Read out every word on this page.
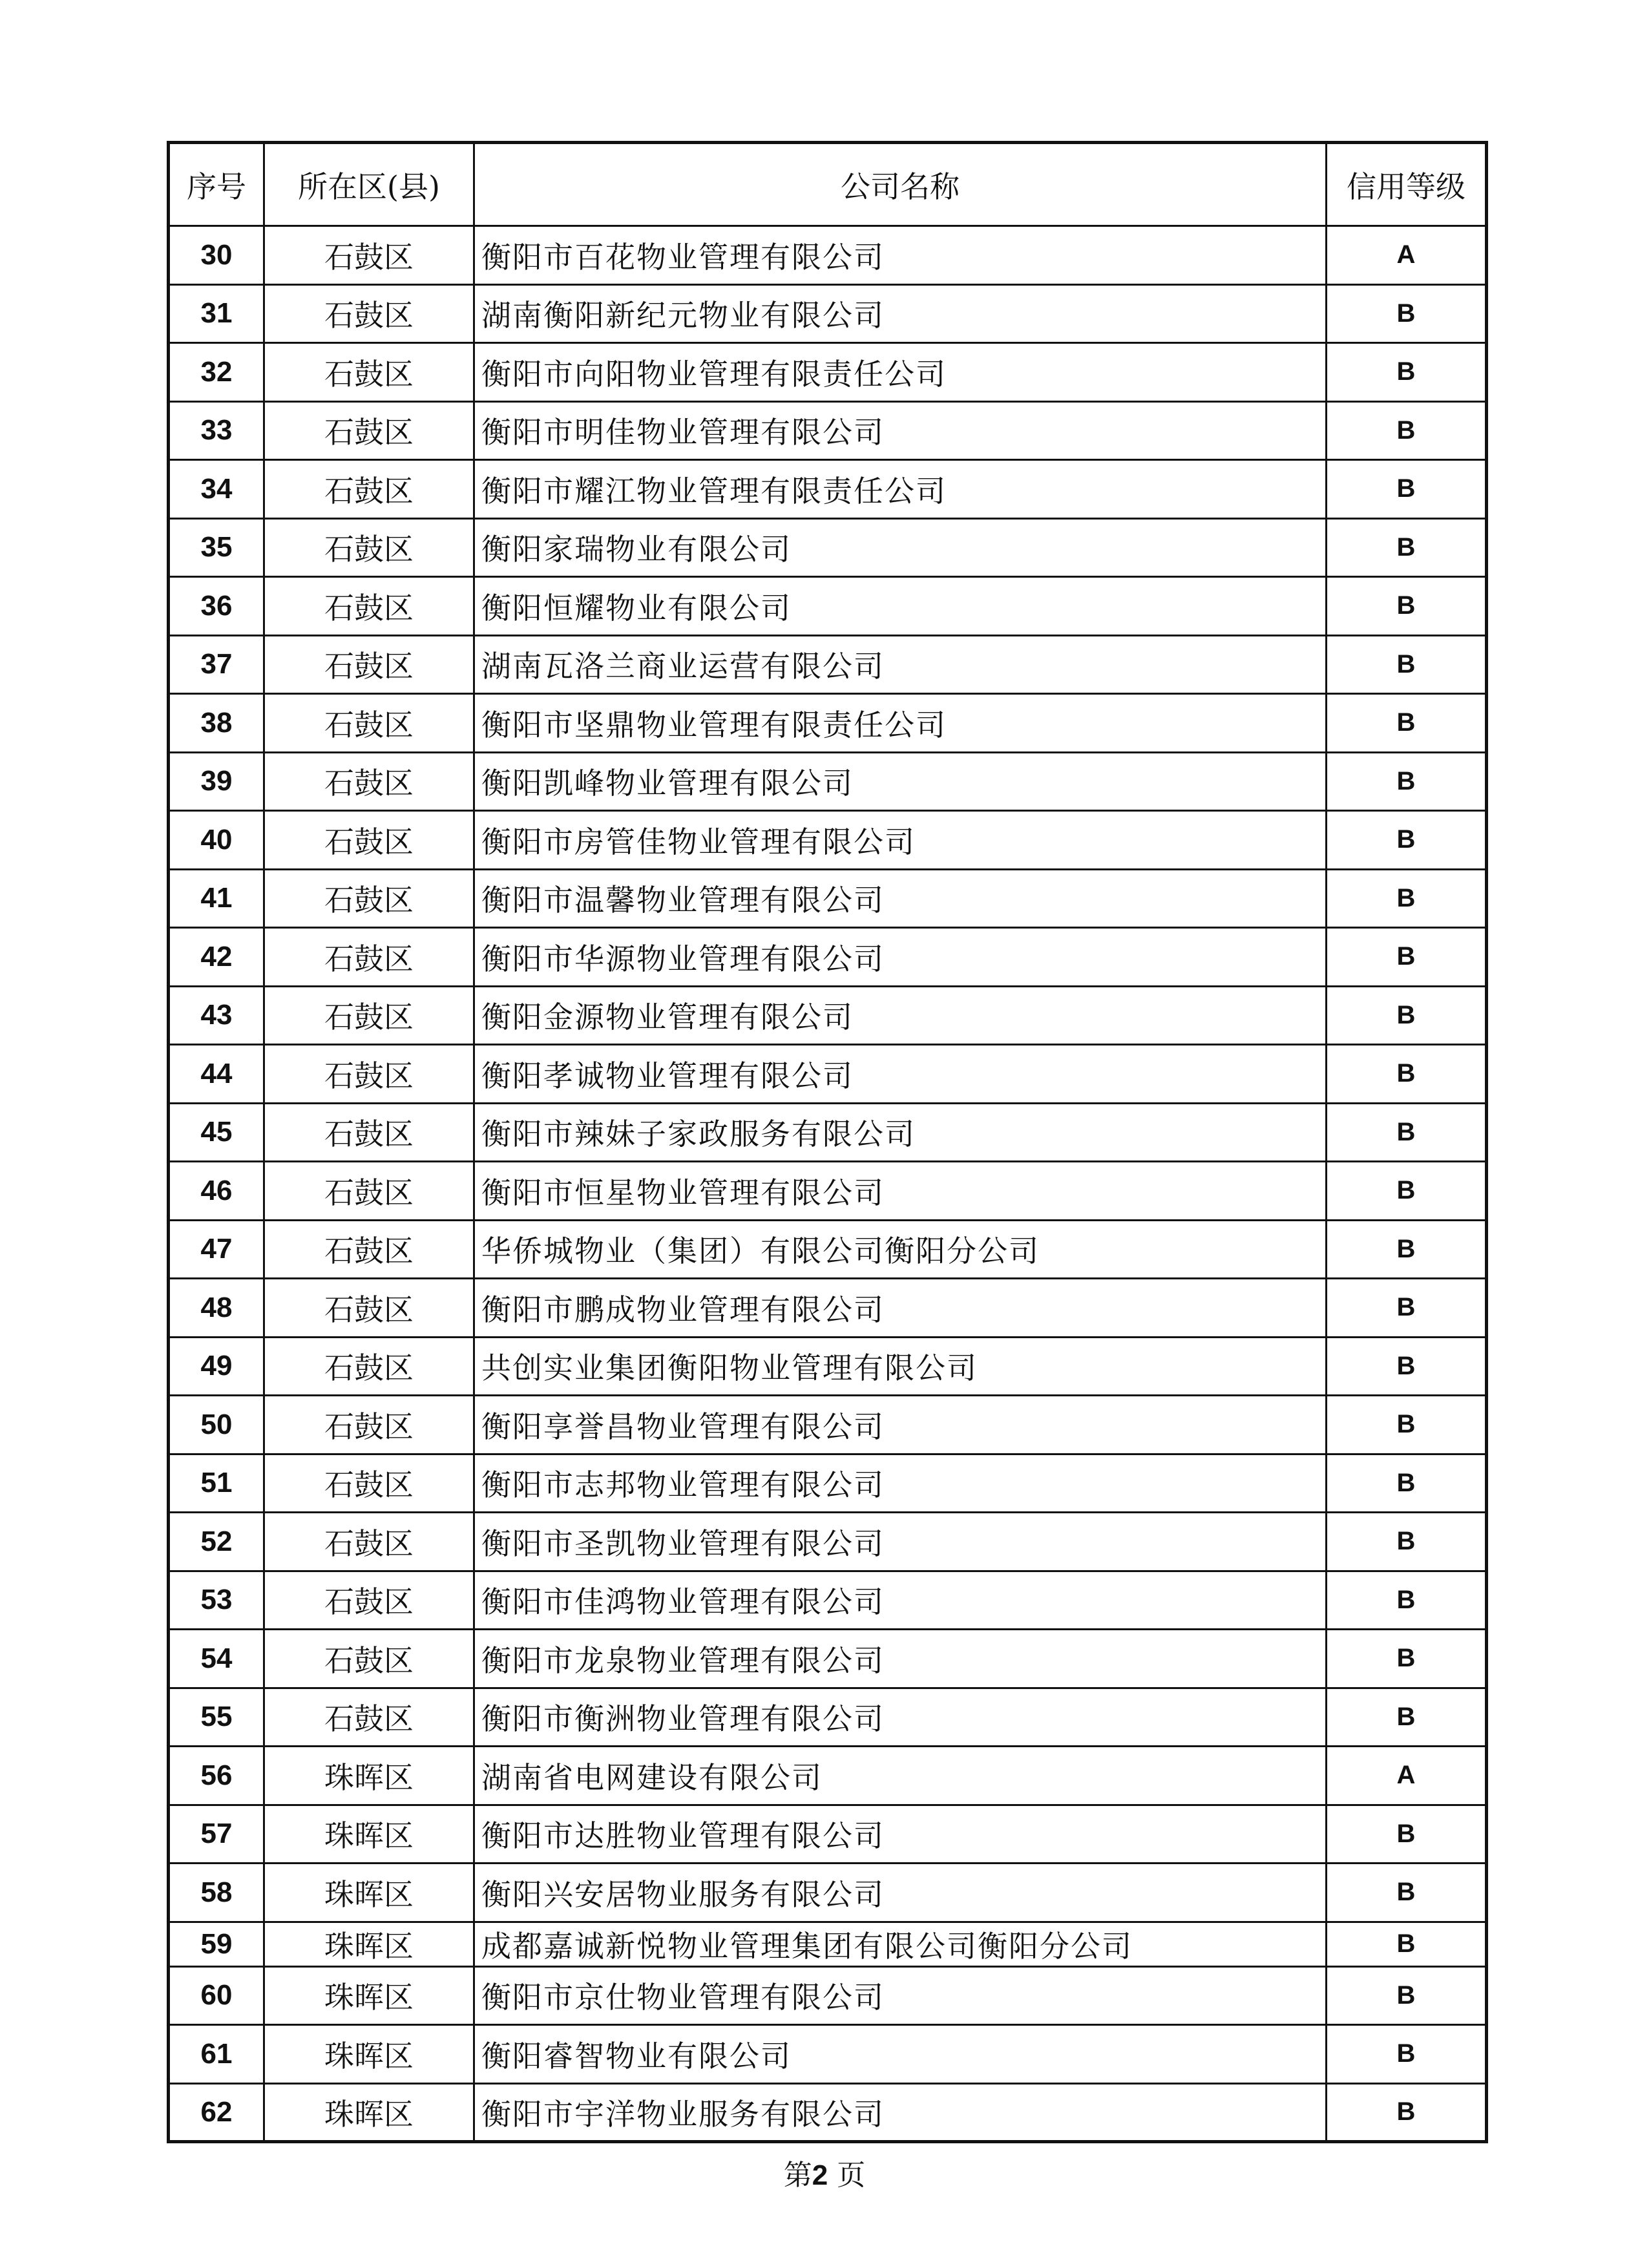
序号	所在区(县)	公司名称	信用等级
30	石鼓区	衡阳市百花物业管理有限公司	A
31	石鼓区	湖南衡阳新纪元物业有限公司	B
32	石鼓区	衡阳市向阳物业管理有限责任公司	B
33	石鼓区	衡阳市明佳物业管理有限公司	B
34	石鼓区	衡阳市耀江物业管理有限责任公司	B
35	石鼓区	衡阳家瑞物业有限公司	B
36	石鼓区	衡阳恒耀物业有限公司	B
37	石鼓区	湖南瓦洛兰商业运营有限公司	B
38	石鼓区	衡阳市坚鼎物业管理有限责任公司	B
39	石鼓区	衡阳凯峰物业管理有限公司	B
40	石鼓区	衡阳市房管佳物业管理有限公司	B
41	石鼓区	衡阳市温馨物业管理有限公司	B
42	石鼓区	衡阳市华源物业管理有限公司	B
43	石鼓区	衡阳金源物业管理有限公司	B
44	石鼓区	衡阳孝诚物业管理有限公司	B
45	石鼓区	衡阳市辣妹子家政服务有限公司	B
46	石鼓区	衡阳市恒星物业管理有限公司	B
47	石鼓区	华侨城物业（集团）有限公司衡阳分公司	B
48	石鼓区	衡阳市鹏成物业管理有限公司	B
49	石鼓区	共创实业集团衡阳物业管理有限公司	B
50	石鼓区	衡阳享誉昌物业管理有限公司	B
51	石鼓区	衡阳市志邦物业管理有限公司	B
52	石鼓区	衡阳市圣凯物业管理有限公司	B
53	石鼓区	衡阳市佳鸿物业管理有限公司	B
54	石鼓区	衡阳市龙泉物业管理有限公司	B
55	石鼓区	衡阳市衡洲物业管理有限公司	B
56	珠晖区	湖南省电网建设有限公司	A
57	珠晖区	衡阳市达胜物业管理有限公司	B
58	珠晖区	衡阳兴安居物业服务有限公司	B
59	珠晖区	成都嘉诚新悦物业管理集团有限公司衡阳分公司	B
60	珠晖区	衡阳市京仕物业管理有限公司	B
61	珠晖区	衡阳睿智物业有限公司	B
62	珠晖区	衡阳市宇洋物业服务有限公司	B
第2 页
